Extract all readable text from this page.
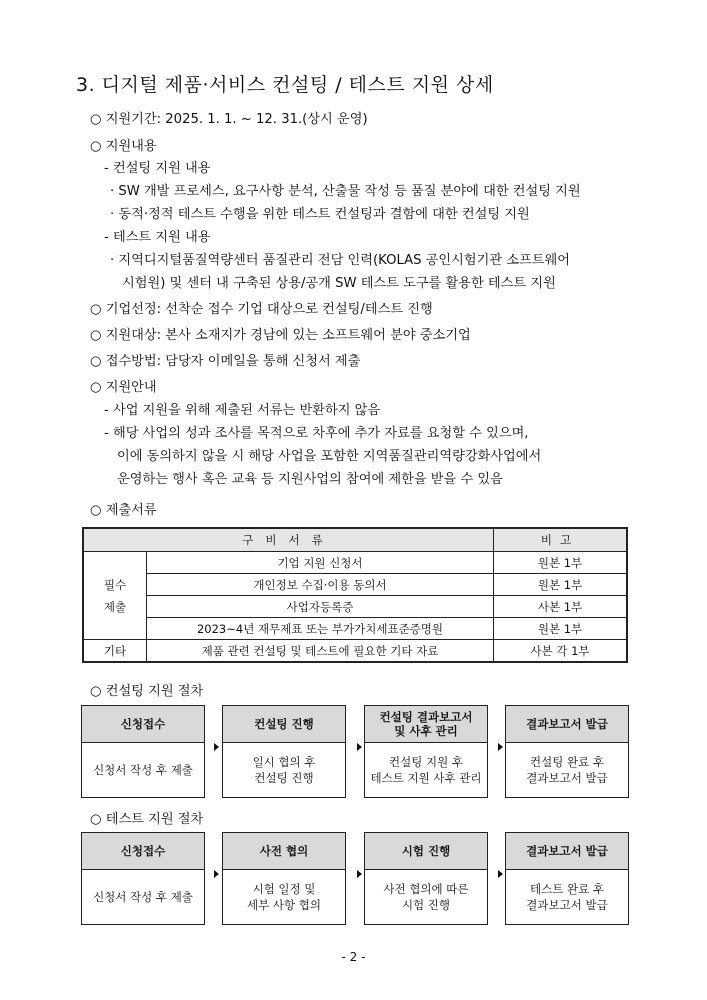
3. 디지털 제품·서비스 컨설팅 / 테스트 지원 상세
○ 지원기간: 2025. 1. 1. ~ 12. 31.(상시 운영)
○ 지원내용
- 컨설팅 지원 내용
· SW 개발 프로세스, 요구사항 분석, 산출물 작성 등 품질 분야에 대한 컨설팅 지원
· 동적·정적 테스트 수행을 위한 테스트 컨설팅과 결함에 대한 컨설팅 지원
- 테스트 지원 내용
· 지역디지털품질역량센터 품질관리 전담 인력(KOLAS 공인시험기관 소프트웨어
시험원) 및 센터 내 구축된 상용/공개 SW 테스트 도구를 활용한 테스트 지원
○ 기업선정: 선착순 접수 기업 대상으로 컨설팅/테스트 진행
○ 지원대상: 본사 소재지가 경남에 있는 소프트웨어 분야 중소기업
○ 접수방법: 담당자 이메일을 통해 신청서 제출
○ 지원안내
- 사업 지원을 위해 제출된 서류는 반환하지 않음
- 해당 사업의 성과 조사를 목적으로 차후에 추가 자료를 요청할 수 있으며,
이에 동의하지 않을 시 해당 사업을 포함한 지역품질관리역량강화사업에서
운영하는 행사 혹은 교육 등 지원사업의 참여에 제한을 받을 수 있음
○ 제출서류
구비서류		비고
필수
제출	기업 지원 신청서	원본 1부
	개인정보 수집·이용 동의서	원본 1부
	사업자등록증	사본 1부
	2023~4년 재무제표 또는 부가가치세표준증명원	원본 1부
기타	제품 관련 컨설팅 및 테스트에 필요한 기타 자료	사본 각 1부
○ 컨설팅 지원 절차
신청접수
신청서 작성 후 제출
컨설팅 진행
일시 협의 후
컨설팅 진행
컨설팅 결과보고서
및 사후 관리
컨설팅 지원 후
테스트 지원 사후 관리
결과보고서 발급
컨설팅 완료 후
결과보고서 발급
○ 테스트 지원 절차
신청접수
신청서 작성 후 제출
사전 협의
시험 일정 및
세부 사항 협의
시험 진행
사전 협의에 따른
시험 진행
결과보고서 발급
테스트 완료 후
결과보고서 발급
- 2 -
